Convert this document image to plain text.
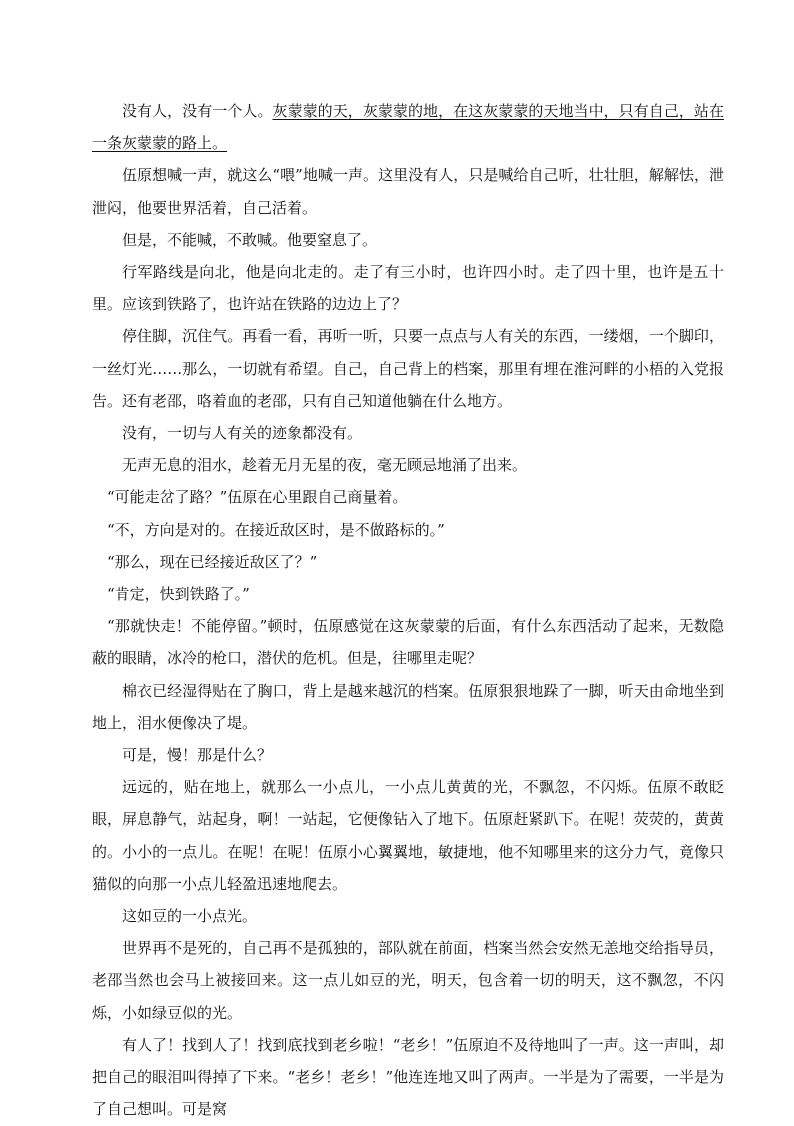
没有人，没有一个人。灰蒙蒙的天，灰蒙蒙的地，在这灰蒙蒙的天地当中，只有自己，站在一条灰蒙蒙的路上。

伍原想喊一声，就这么“喂”地喊一声。这里没有人，只是喊给自己听，壮壮胆，解解怯，泄泄闷，他要世界活着，自己活着。

但是，不能喊，不敢喊。他要窒息了。

行军路线是向北，他是向北走的。走了有三小时，也许四小时。走了四十里，也许是五十里。应该到铁路了，也许站在铁路的边边上了？

停住脚，沉住气。再看一看，再听一听，只要一点点与人有关的东西，一缕烟，一个脚印，一丝灯光……那么，一切就有希望。自己，自己背上的档案，那里有埋在淮河畔的小梧的入党报告。还有老邵，咯着血的老邵，只有自己知道他躺在什么地方。

没有，一切与人有关的迹象都没有。

无声无息的泪水，趁着无月无星的夜，毫无顾忌地涌了出来。

“可能走岔了路？”伍原在心里跟自己商量着。

“不，方向是对的。在接近敌区时，是不做路标的。”

“那么，现在已经接近敌区了？”

“肯定，快到铁路了。”

“那就快走！不能停留。”顿时，伍原感觉在这灰蒙蒙的后面，有什么东西活动了起来，无数隐蔽的眼睛，冰冷的枪口，潜伏的危机。但是，往哪里走呢？

棉衣已经湿得贴在了胸口，背上是越来越沉的档案。伍原狠狠地跺了一脚，听天由命地坐到地上，泪水便像决了堤。

可是，慢！那是什么？

远远的，贴在地上，就那么一小点儿，一小点儿黄黄的光，不飘忽，不闪烁。伍原不敢眨眼，屏息静气，站起身，啊！一站起，它便像钻入了地下。伍原赶紧趴下。在呢！荧荧的，黄黄的。小小的一点儿。在呢！在呢！伍原小心翼翼地，敏捷地，他不知哪里来的这分力气，竟像只猫似的向那一小点儿轻盈迅速地爬去。

这如豆的一小点光。

世界再不是死的，自己再不是孤独的，部队就在前面，档案当然会安然无恙地交给指导员，老邵当然也会马上被接回来。这一点儿如豆的光，明天，包含着一切的明天，这不飘忽，不闪烁，小如绿豆似的光。

有人了！找到人了！找到底找到老乡啦！“老乡！”伍原迫不及待地叫了一声。这一声叫，却把自己的眼泪叫得掉了下来。“老乡！老乡！”他连连地又叫了两声。一半是为了需要，一半是为了自己想叫。可是窝
